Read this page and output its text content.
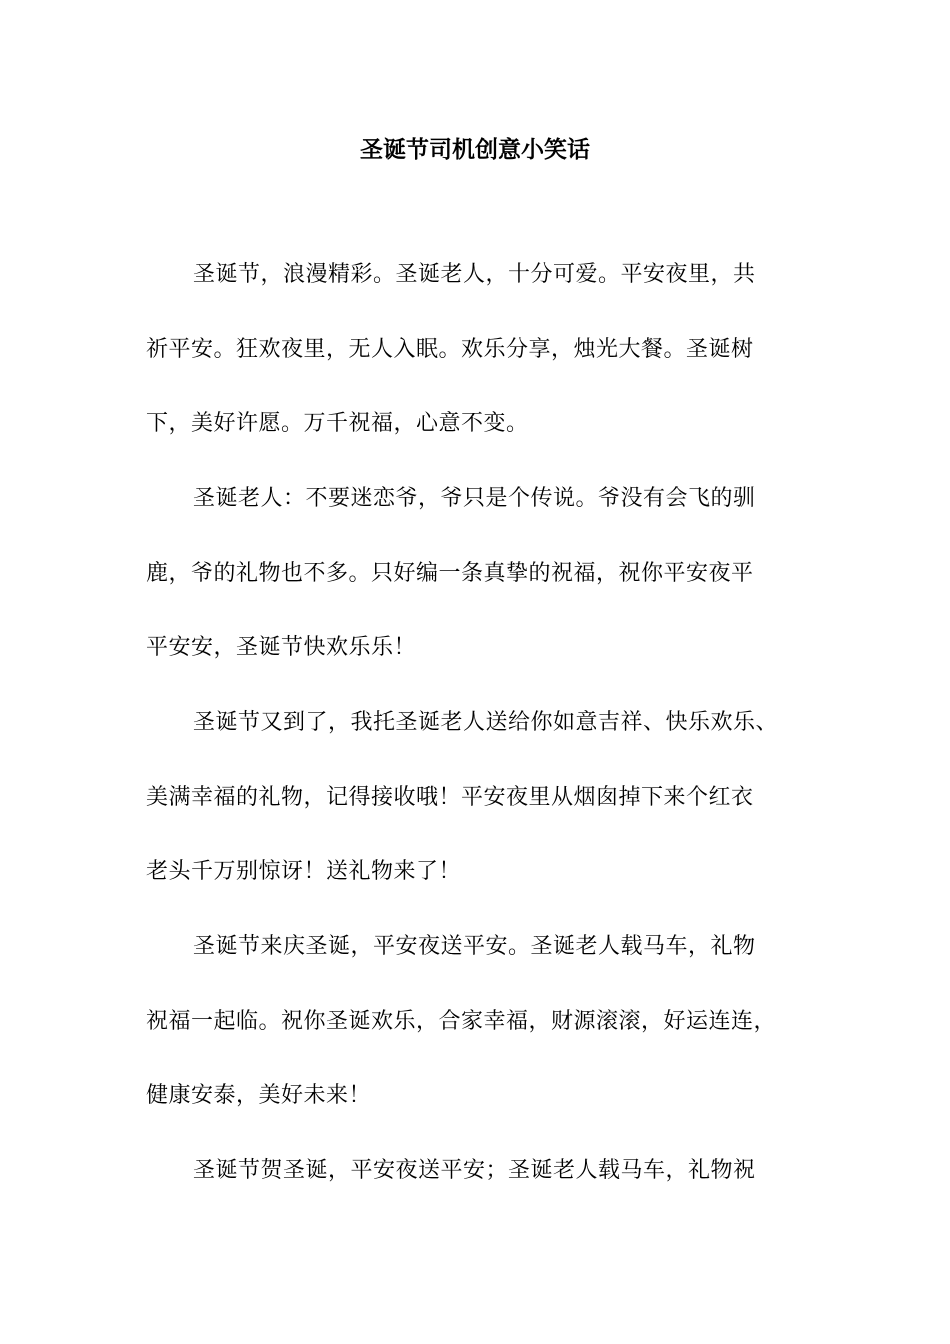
圣诞节司机创意小笑话
圣诞节，浪漫精彩。圣诞老人，十分可爱。平安夜里，共
祈平安。狂欢夜里，无人入眠。欢乐分享，烛光大餐。圣诞树
下，美好许愿。万千祝福，心意不变。
圣诞老人：不要迷恋爷，爷只是个传说。爷没有会飞的驯
鹿，爷的礼物也不多。只好编一条真挚的祝福，祝你平安夜平
平安安，圣诞节快欢乐乐！
圣诞节又到了，我托圣诞老人送给你如意吉祥、快乐欢乐、
美满幸福的礼物，记得接收哦！平安夜里从烟囱掉下来个红衣
老头千万别惊讶！送礼物来了！
圣诞节来庆圣诞，平安夜送平安。圣诞老人载马车，礼物
祝福一起临。祝你圣诞欢乐，合家幸福，财源滚滚，好运连连，
健康安泰，美好未来！
圣诞节贺圣诞，平安夜送平安；圣诞老人载马车，礼物祝
